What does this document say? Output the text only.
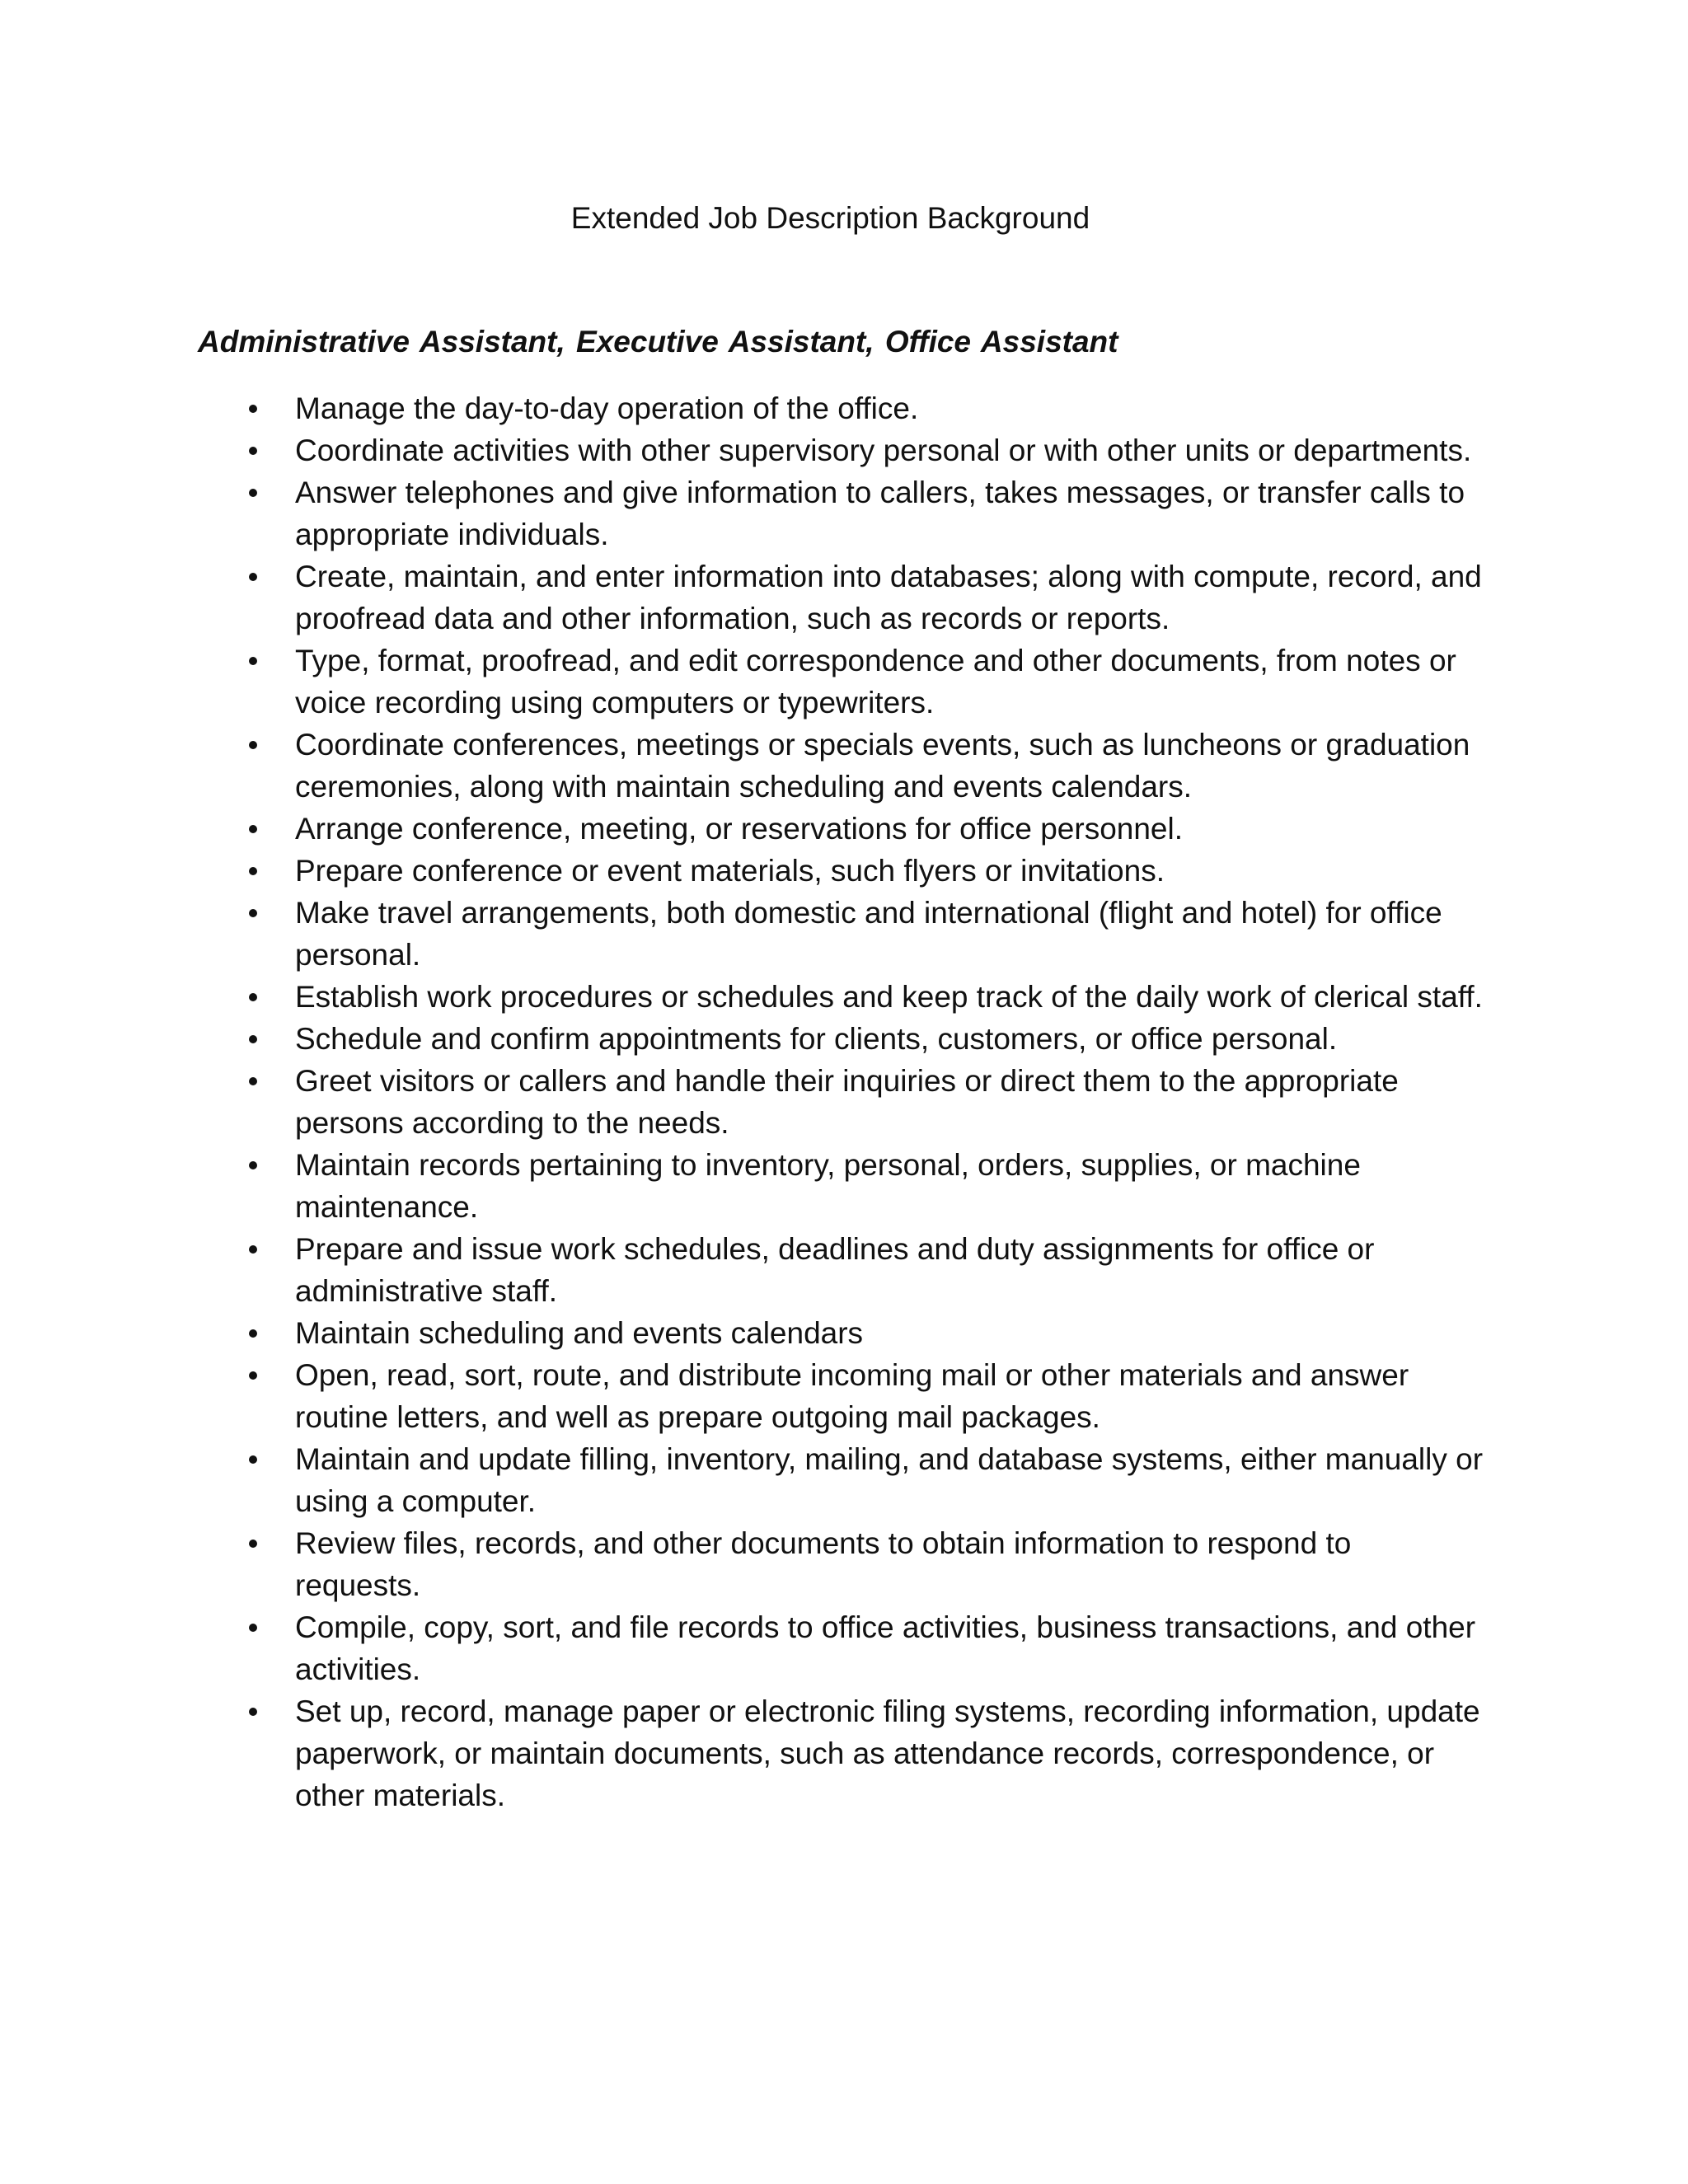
Extended Job Description Background
Administrative Assistant, Executive Assistant, Office Assistant
Manage the day-to-day operation of the office.
Coordinate activities with other supervisory personal or with other units or departments.
Answer telephones and give information to callers, takes messages, or transfer calls to appropriate individuals.
Create, maintain, and enter information into databases; along with compute, record, and proofread data and other information, such as records or reports.
Type, format, proofread, and edit correspondence and other documents, from notes or voice recording using computers or typewriters.
Coordinate conferences, meetings or specials events, such as luncheons or graduation ceremonies, along with maintain scheduling and events calendars.
Arrange conference, meeting, or reservations for office personnel.
Prepare conference or event materials, such flyers or invitations.
Make travel arrangements, both domestic and international (flight and hotel) for office personal.
Establish work procedures or schedules and keep track of the daily work of clerical staff.
Schedule and confirm appointments for clients, customers, or office personal.
Greet visitors or callers and handle their inquiries or direct them to the appropriate persons according to the needs.
Maintain records pertaining to inventory, personal, orders, supplies, or machine maintenance.
Prepare and issue work schedules, deadlines and duty assignments for office or administrative staff.
Maintain scheduling and events calendars
Open, read, sort, route, and distribute incoming mail or other materials and answer routine letters, and well as prepare outgoing mail packages.
Maintain and update filling, inventory, mailing, and database systems, either manually or using a computer.
Review files, records, and other documents to obtain information to respond to requests.
Compile, copy, sort, and file records to office activities, business transactions, and other activities.
Set up, record, manage paper or electronic filing systems, recording information, update paperwork, or maintain documents, such as attendance records, correspondence, or other materials.
